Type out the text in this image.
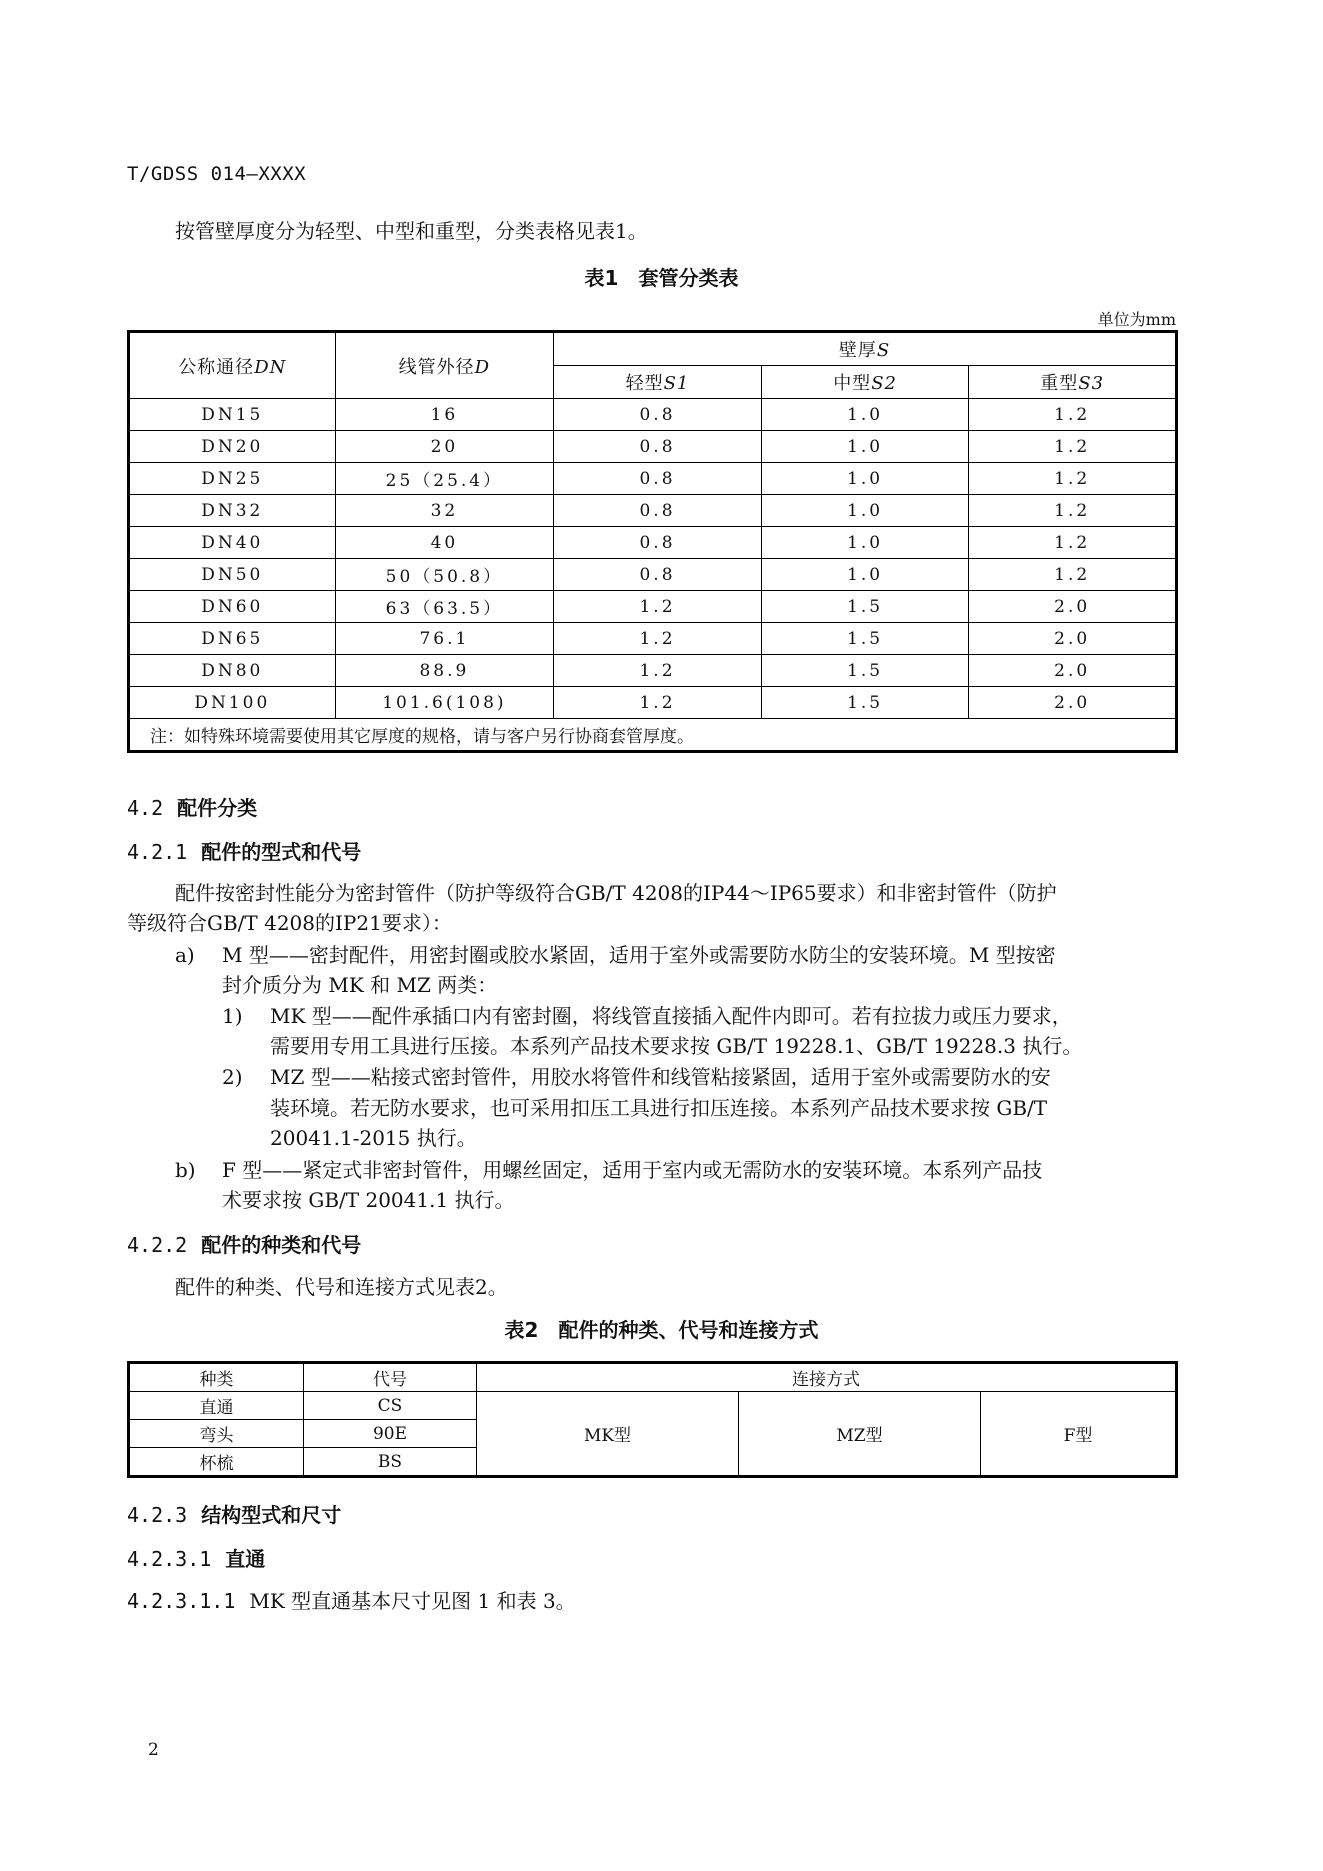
T/GDSS 014—XXXX
按管壁厚度分为轻型、中型和重型，分类表格见表1。
表1　套管分类表
单位为mm
公称通径DN	线管外径D	壁厚S		
		轻型S1	中型S2	重型S3
DN15	16	0.8	1.0	1.2
DN20	20	0.8	1.0	1.2
DN25	25（25.4）	0.8	1.0	1.2
DN32	32	0.8	1.0	1.2
DN40	40	0.8	1.0	1.2
DN50	50（50.8）	0.8	1.0	1.2
DN60	63（63.5）	1.2	1.5	2.0
DN65	76.1	1.2	1.5	2.0
DN80	88.9	1.2	1.5	2.0
DN100	101.6(108)	1.2	1.5	2.0
注：如特殊环境需要使用其它厚度的规格，请与客户另行协商套管厚度。				
4.2 配件分类
4.2.1 配件的型式和代号
配件按密封性能分为密封管件（防护等级符合GB/T 4208的IP44～IP65要求）和非密封管件（防护
等级符合GB/T 4208的IP21要求）：
a) M 型——密封配件，用密封圈或胶水紧固，适用于室外或需要防水防尘的安装环境。M 型按密
封介质分为 MK 和 MZ 两类：
1) MK 型——配件承插口内有密封圈，将线管直接插入配件内即可。若有拉拔力或压力要求，
需要用专用工具进行压接。本系列产品技术要求按 GB/T 19228.1、GB/T 19228.3 执行。
2) MZ 型——粘接式密封管件，用胶水将管件和线管粘接紧固，适用于室外或需要防水的安
装环境。若无防水要求，也可采用扣压工具进行扣压连接。本系列产品技术要求按 GB/T
20041.1-2015 执行。
b) F 型——紧定式非密封管件，用螺丝固定，适用于室内或无需防水的安装环境。本系列产品技
术要求按 GB/T 20041.1 执行。
4.2.2 配件的种类和代号
配件的种类、代号和连接方式见表2。
表2　配件的种类、代号和连接方式
种类	代号	连接方式		
直通	CS	MK型	MZ型	F型
弯头	90E			
杯梳	BS			
4.2.3 结构型式和尺寸
4.2.3.1 直通
4.2.3.1.1 MK 型直通基本尺寸见图 1 和表 3。
2
